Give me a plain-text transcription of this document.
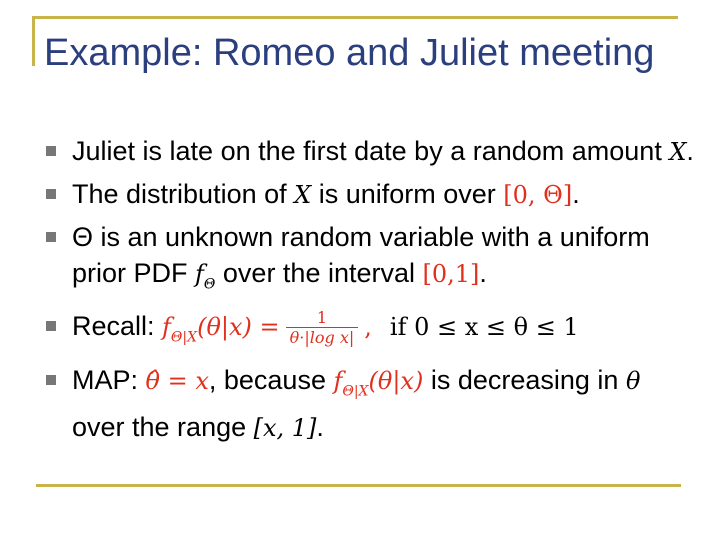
Example: Romeo and Juliet meeting
Juliet is late on the first date by a random amount X.
The distribution of X is uniform over [0, Θ].
Θ is an unknown random variable with a uniform prior PDF $f_\Theta$ over the interval [0,1].
Recall: $f_{\Theta|X}(\theta|x) = \frac{1}{\text{θ·|log x|}}$ , if 0 ≤ x ≤ θ ≤ 1
MAP: θ̂ = x, because $f_{\Theta|X}(\theta|x)$ is decreasing in θ over the range [x, 1].
